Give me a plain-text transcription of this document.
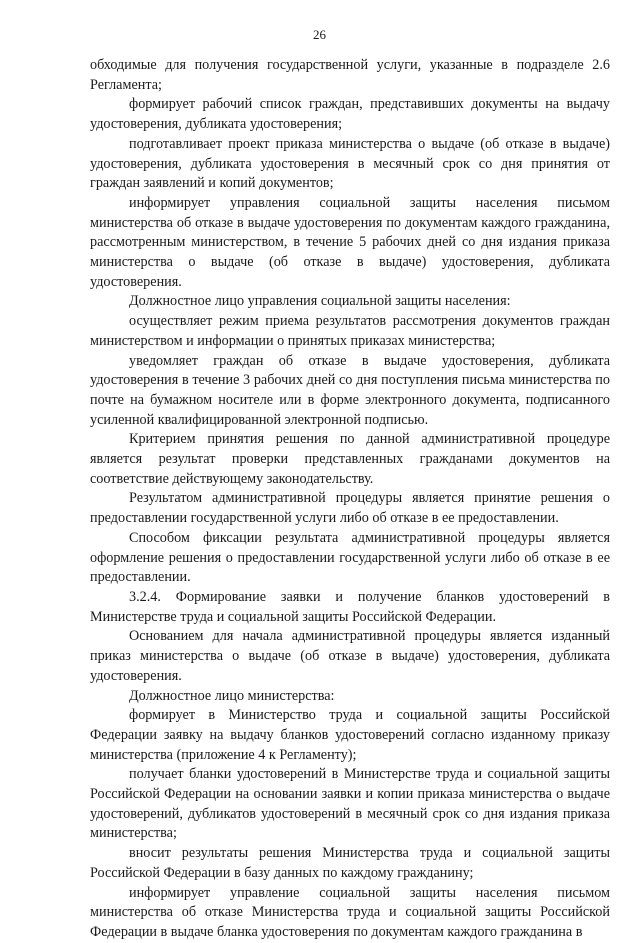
26

обходимые для получения государственной услуги, указанные в подразделе 2.6 Регламента;

формирует рабочий список граждан, представивших документы на выдачу удостоверения, дубликата удостоверения;

подготавливает проект приказа министерства о выдаче (об отказе в выдаче) удостоверения, дубликата удостоверения в месячный срок со дня принятия от граждан заявлений и копий документов;

информирует управления социальной защиты населения письмом министерства об отказе в выдаче удостоверения по документам каждого гражданина, рассмотренным министерством, в течение 5 рабочих дней со дня издания приказа министерства о выдаче (об отказе в выдаче) удостоверения, дубликата удостоверения.

Должностное лицо управления социальной защиты населения:

осуществляет режим приема результатов рассмотрения документов граждан министерством и информации о принятых приказах министерства;

уведомляет граждан об отказе в выдаче удостоверения, дубликата удостоверения в течение 3 рабочих дней со дня поступления письма министерства по почте на бумажном носителе или в форме электронного документа, подписанного усиленной квалифицированной электронной подписью.

Критерием принятия решения по данной административной процедуре является результат проверки представленных гражданами документов на соответствие действующему законодательству.

Результатом административной процедуры является принятие решения о предоставлении государственной услуги либо об отказе в ее предоставлении.

Способом фиксации результата административной процедуры является оформление решения о предоставлении государственной услуги либо об отказе в ее предоставлении.

3.2.4. Формирование заявки и получение бланков удостоверений в Министерстве труда и социальной защиты Российской Федерации.

Основанием для начала административной процедуры является изданный приказ министерства о выдаче (об отказе в выдаче) удостоверения, дубликата удостоверения.

Должностное лицо министерства:

формирует в Министерство труда и социальной защиты Российской Федерации заявку на выдачу бланков удостоверений согласно изданному приказу министерства (приложение 4 к Регламенту);

получает бланки удостоверений в Министерстве труда и социальной защиты Российской Федерации на основании заявки и копии приказа министерства о выдаче удостоверений, дубликатов удостоверений в месячный срок со дня издания приказа министерства;

вносит результаты решения Министерства труда и социальной защиты Российской Федерации в базу данных по каждому гражданину;

информирует управление социальной защиты населения письмом министерства об отказе Министерства труда и социальной защиты Российской Федерации в выдаче бланка удостоверения по документам каждого гражданина в
